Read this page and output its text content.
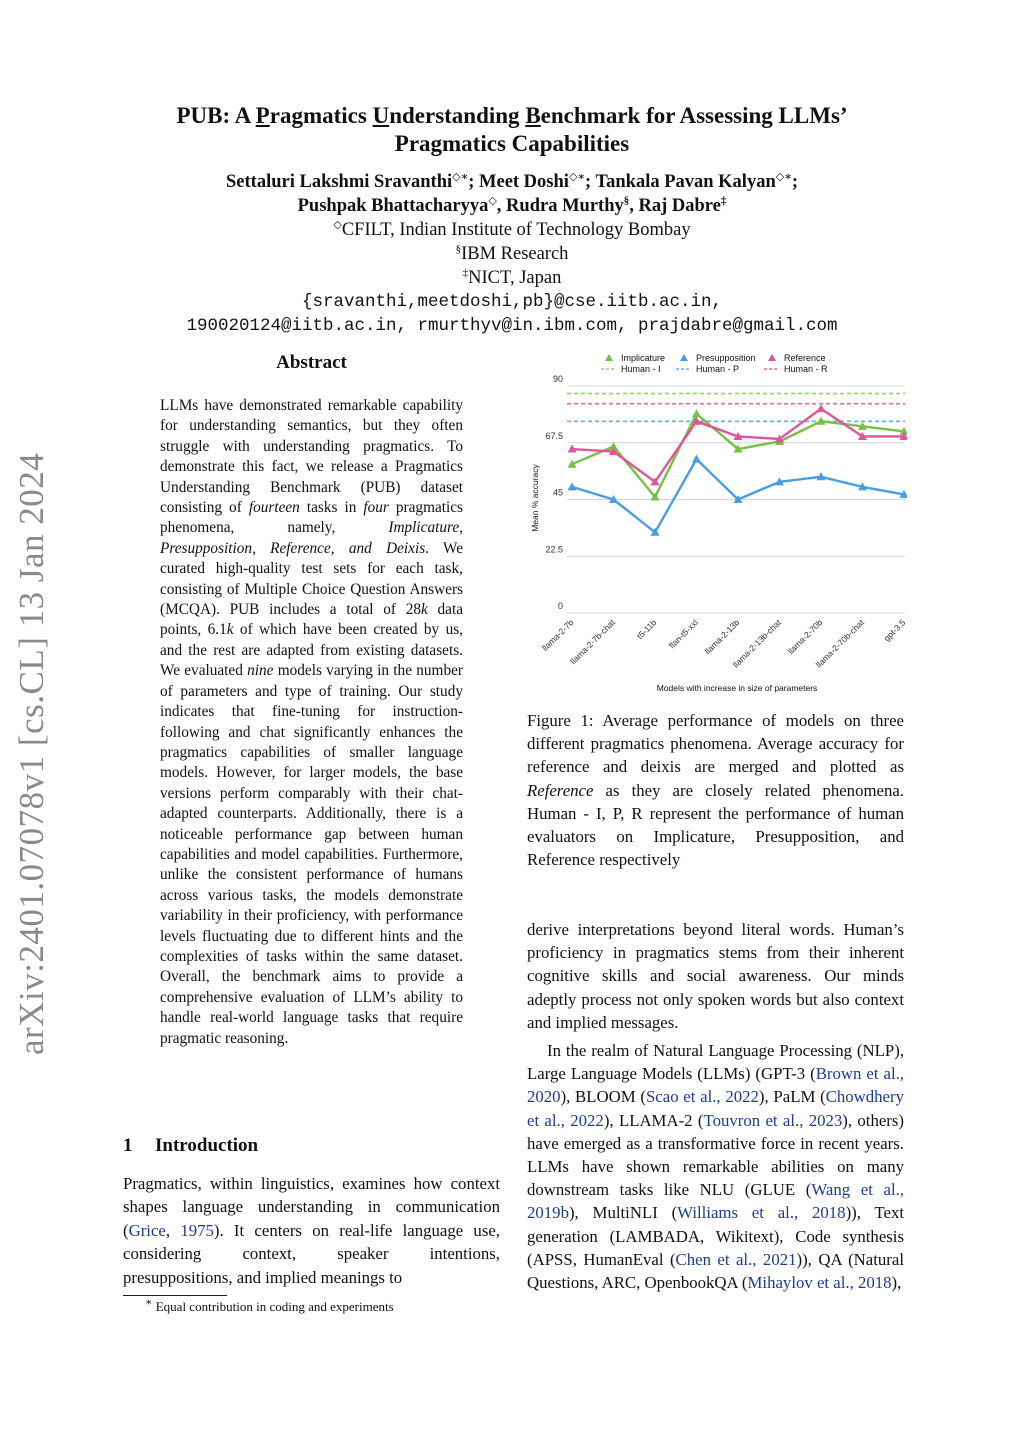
arXiv:2401.07078v1 [cs.CL] 13 Jan 2024
PUB: A Pragmatics Understanding Benchmark for Assessing LLMs’
Pragmatics Capabilities
Settaluri Lakshmi Sravanthi◇∗; Meet Doshi◇∗; Tankala Pavan Kalyan◇∗;
Pushpak Bhattacharyya◇, Rudra Murthy§, Raj Dabre‡
◇CFILT, Indian Institute of Technology Bombay
§IBM Research
‡NICT, Japan
{sravanthi,meetdoshi,pb}@cse.iitb.ac.in,
190020124@iitb.ac.in, rmurthyv@in.ibm.com, prajdabre@gmail.com
Abstract
LLMs have demonstrated remarkable capability for understanding semantics, but they often struggle with understanding pragmatics. To demonstrate this fact, we release a Pragmatics Understanding Benchmark (PUB) dataset consisting of fourteen tasks in four pragmatics phenomena, namely, Implicature, Presupposition, Reference, and Deixis. We curated high-quality test sets for each task, consisting of Multiple Choice Question Answers (MCQA). PUB includes a total of 28k data points, 6.1k of which have been created by us, and the rest are adapted from existing datasets. We evaluated nine models varying in the number of parameters and type of training. Our study indicates that fine-tuning for instruction-following and chat significantly enhances the pragmatics capabilities of smaller language models. However, for larger models, the base versions perform comparably with their chat-adapted counterparts. Additionally, there is a noticeable performance gap between human capabilities and model capabilities. Furthermore, unlike the consistent performance of humans across various tasks, the models demonstrate variability in their proficiency, with performance levels fluctuating due to different hints and the complexities of tasks within the same dataset. Overall, the benchmark aims to provide a comprehensive evaluation of LLM’s ability to handle real-world language tasks that require pragmatic reasoning.
1 Introduction
Pragmatics, within linguistics, examines how context shapes language understanding in communication (Grice, 1975). It centers on real-life language use, considering context, speaker intentions, presuppositions, and implied meanings to
∗ Equal contribution in coding and experiments
0
22.5
45
67.5
90
llama-2-7b
llama-2-7b-chat t5-11b flan-t5-xxl llama-2-13b
llama-2-13b-chat llama-2-70b
llama-2-70b-chat gpt-3.5
Models with increase in size of parameters
Mean % accuracy
Implicature	Presupposition	Reference
Human - I	Human - P	Human - R
Figure 1: Average performance of models on three different pragmatics phenomena. Average accuracy for reference and deixis are merged and plotted as Reference as they are closely related phenomena. Human - I, P, R represent the performance of human evaluators on Implicature, Presupposition, and Reference respectively
derive interpretations beyond literal words. Human’s proficiency in pragmatics stems from their inherent cognitive skills and social awareness. Our minds adeptly process not only spoken words but also context and implied messages.
In the realm of Natural Language Processing (NLP), Large Language Models (LLMs) (GPT-3 (Brown et al., 2020), BLOOM (Scao et al., 2022), PaLM (Chowdhery et al., 2022), LLAMA-2 (Touvron et al., 2023), others) have emerged as a transformative force in recent years. LLMs have shown remarkable abilities on many downstream tasks like NLU (GLUE (Wang et al., 2019b), MultiNLI (Williams et al., 2018)), Text generation (LAMBADA, Wikitext), Code synthesis (APSS, HumanEval (Chen et al., 2021)), QA (Natural Questions, ARC, OpenbookQA (Mihaylov et al., 2018),
